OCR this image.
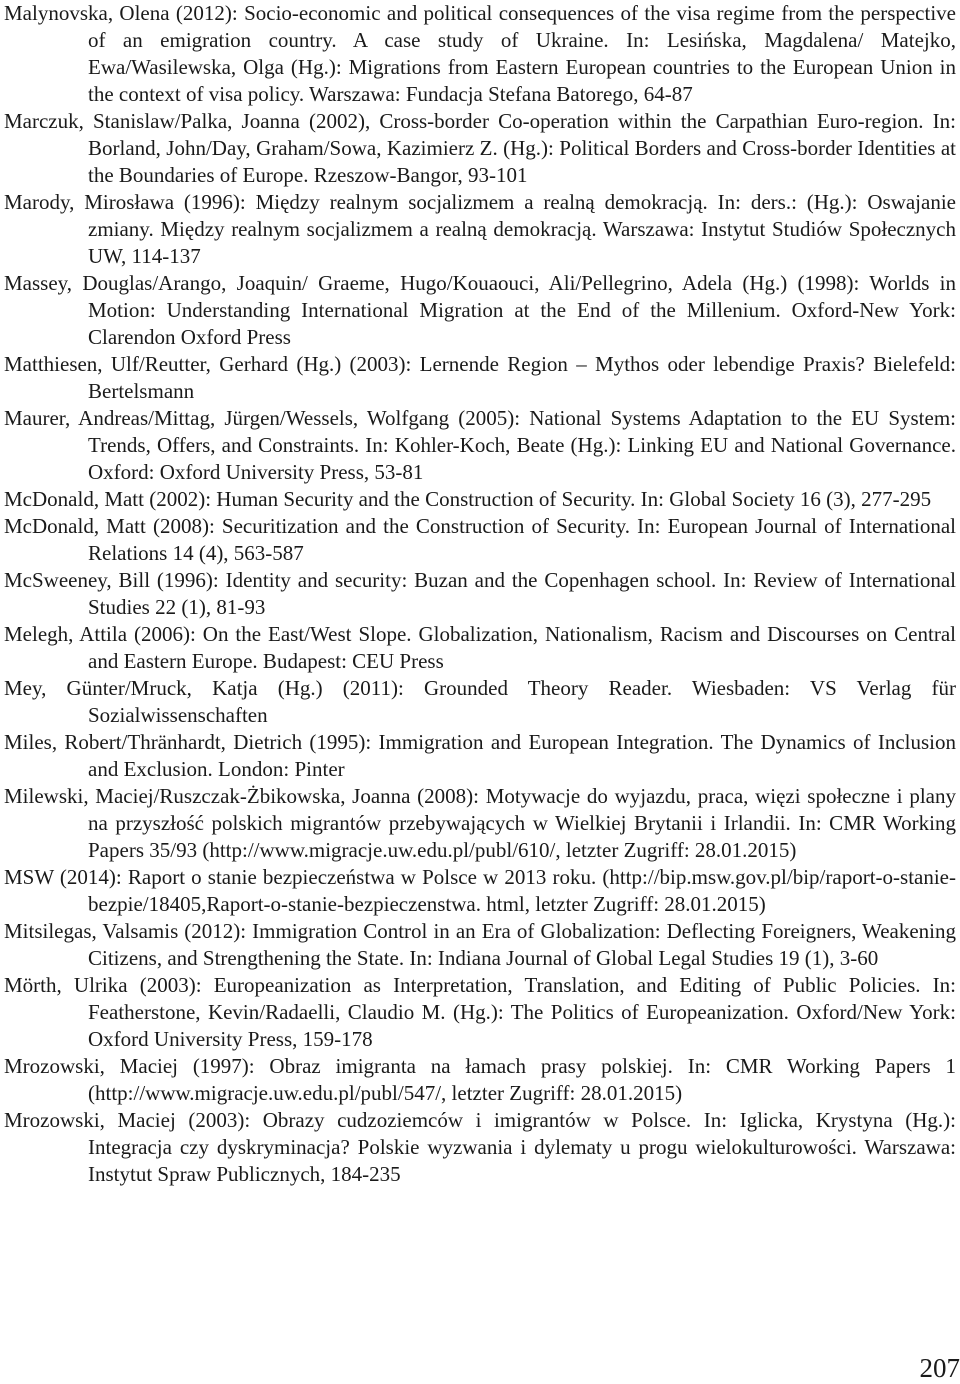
Malynovska, Olena (2012): Socio-economic and political consequences of the visa regime from the perspective of an emigration country. A case study of Ukraine. In: Lesińska, Magdalena/ Matejko, Ewa/Wasilewska, Olga (Hg.): Migrations from Eastern European countries to the European Union in the context of visa policy. Warszawa: Fundacja Stefana Batorego, 64-87
Marczuk, Stanislaw/Palka, Joanna (2002), Cross-border Co-operation within the Carpathian Euro-region. In: Borland, John/Day, Graham/Sowa, Kazimierz Z. (Hg.): Political Borders and Cross-border Identities at the Boundaries of Europe. Rzeszow-Bangor, 93-101
Marody, Mirosława (1996): Między realnym socjalizmem a realną demokracją. In: ders.: (Hg.): Oswajanie zmiany. Między realnym socjalizmem a realną demokracją. Warszawa: Instytut Studiów Społecznych UW, 114-137
Massey, Douglas/Arango, Joaquin/ Graeme, Hugo/Kouaouci, Ali/Pellegrino, Adela (Hg.) (1998): Worlds in Motion: Understanding International Migration at the End of the Millenium. Oxford-New York: Clarendon Oxford Press
Matthiesen, Ulf/Reutter, Gerhard (Hg.) (2003): Lernende Region – Mythos oder lebendige Praxis? Bielefeld: Bertelsmann
Maurer, Andreas/Mittag, Jürgen/Wessels, Wolfgang (2005): National Systems Adaptation to the EU System: Trends, Offers, and Constraints. In: Kohler-Koch, Beate (Hg.): Linking EU and National Governance. Oxford: Oxford University Press, 53-81
McDonald, Matt (2002): Human Security and the Construction of Security. In: Global Society 16 (3), 277-295
McDonald, Matt (2008): Securitization and the Construction of Security. In: European Journal of International Relations 14 (4), 563-587
McSweeney, Bill (1996): Identity and security: Buzan and the Copenhagen school. In: Review of International Studies 22 (1), 81-93
Melegh, Attila (2006): On the East/West Slope. Globalization, Nationalism, Racism and Discourses on Central and Eastern Europe. Budapest: CEU Press
Mey, Günter/Mruck, Katja (Hg.) (2011): Grounded Theory Reader. Wiesbaden: VS Verlag für Sozialwissenschaften
Miles, Robert/Thränhardt, Dietrich (1995): Immigration and European Integration. The Dynamics of Inclusion and Exclusion. London: Pinter
Milewski, Maciej/Ruszczak-Żbikowska, Joanna (2008): Motywacje do wyjazdu, praca, więzi społeczne i plany na przyszłość polskich migrantów przebywających w Wielkiej Brytanii i Irlandii. In: CMR Working Papers 35/93 (http://www.migracje.uw.edu.pl/publ/610/, letzter Zugriff: 28.01.2015)
MSW (2014): Raport o stanie bezpieczeństwa w Polsce w 2013 roku. (http://bip.msw.gov.pl/bip/raport-o-stanie-bezpie/18405,Raport-o-stanie-bezpieczenstwa. html, letzter Zugriff: 28.01.2015)
Mitsilegas, Valsamis (2012): Immigration Control in an Era of Globalization: Deflecting Foreigners, Weakening Citizens, and Strengthening the State. In: Indiana Journal of Global Legal Studies 19 (1), 3-60
Mörth, Ulrika (2003): Europeanization as Interpretation, Translation, and Editing of Public Policies. In: Featherstone, Kevin/Radaelli, Claudio M. (Hg.): The Politics of Europeanization. Oxford/New York: Oxford University Press, 159-178
Mrozowski, Maciej (1997): Obraz imigranta na łamach prasy polskiej. In: CMR Working Papers 1 (http://www.migracje.uw.edu.pl/publ/547/, letzter Zugriff: 28.01.2015)
Mrozowski, Maciej (2003): Obrazy cudzoziemców i imigrantów w Polsce. In: Iglicka, Krystyna (Hg.): Integracja czy dyskryminacja? Polskie wyzwania i dylematy u progu wielokulturowości. Warszawa: Instytut Spraw Publicznych, 184-235
207
